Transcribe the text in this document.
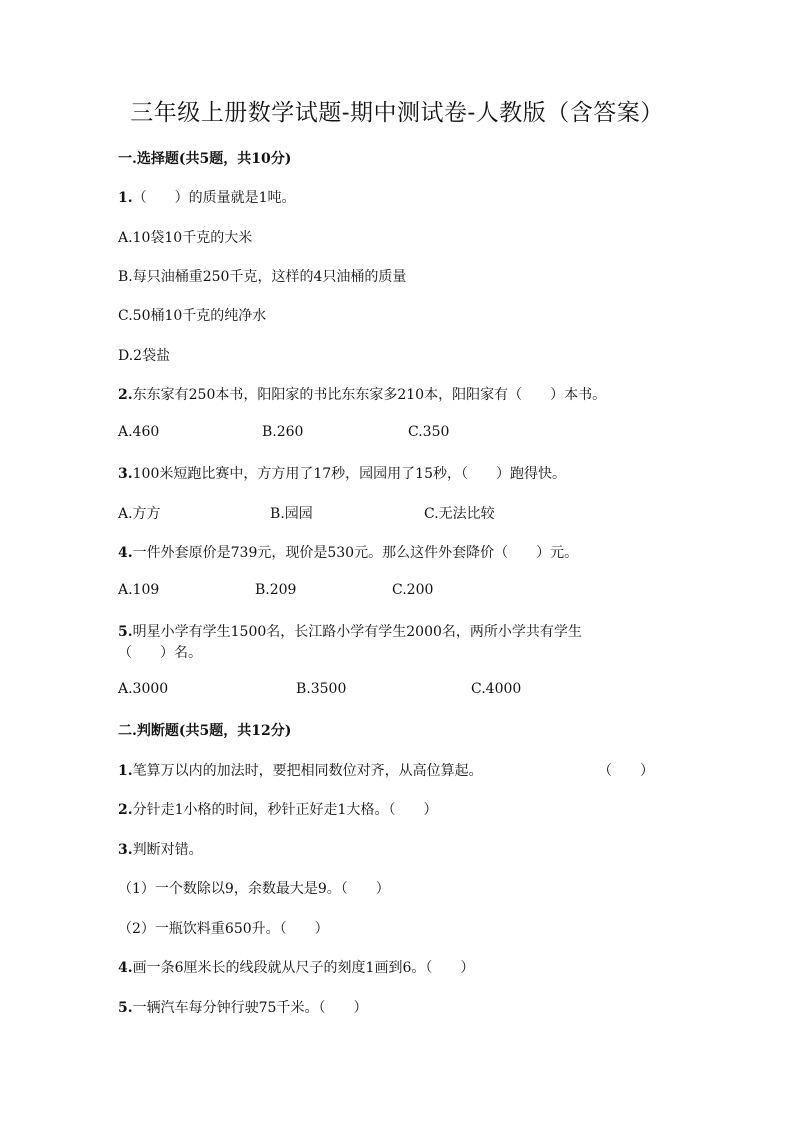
三年级上册数学试题-期中测试卷-人教版（含答案）
一.选择题(共5题，共10分)
1.（　　）的质量就是1吨。
A.10袋10千克的大米
B.每只油桶重250千克，这样的4只油桶的质量
C.50桶10千克的纯净水
D.2袋盐
2.东东家有250本书，阳阳家的书比东东家多210本，阳阳家有（　　）本书。
A.460	B.260	C.350
3.100米短跑比赛中，方方用了17秒，园园用了15秒，（　　）跑得快。
A.方方	B.园园	C.无法比较
4.一件外套原价是739元，现价是530元。那么这件外套降价（　　）元。
A.109	B.209	C.200
5.明星小学有学生1500名，长江路小学有学生2000名，两所小学共有学生
（　　）名。
A.3000	B.3500	C.4000
二.判断题(共5题，共12分)
1.笔算万以内的加法时，要把相同数位对齐，从高位算起。	（　　）
2.分针走1小格的时间，秒针正好走1大格。（　　）
3.判断对错。
（1）一个数除以9，余数最大是9。（　　）
（2）一瓶饮料重650升。（　　）
4.画一条6厘米长的线段就从尺子的刻度1画到6。（　　）
5.一辆汽车每分钟行驶75千米。（　　）
